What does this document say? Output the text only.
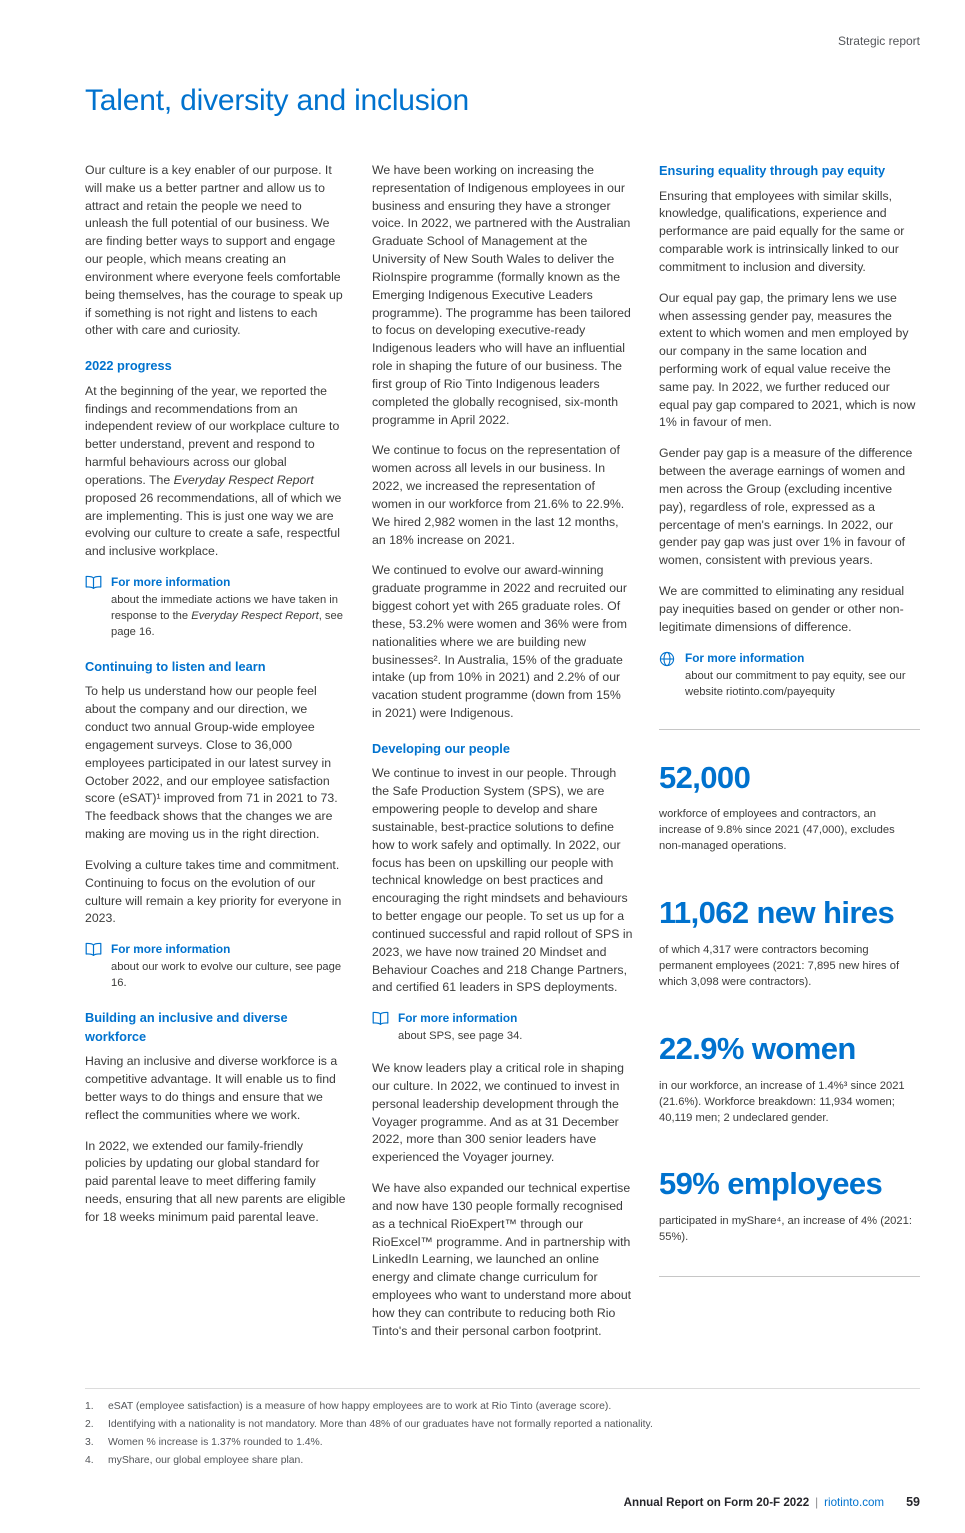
Strategic report
Talent, diversity and inclusion

Our culture is a key enabler of our purpose. It will make us a better partner and allow us to attract and retain the people we need to unleash the full potential of our business. We are finding better ways to support and engage our people, which means creating an environment where everyone feels comfortable being themselves, has the courage to speak up if something is not right and listens to each other with care and curiosity.

2022 progress

At the beginning of the year, we reported the findings and recommendations from an independent review of our workplace culture to better understand, prevent and respond to harmful behaviours across our global operations. The Everyday Respect Report proposed 26 recommendations, all of which we are implementing. This is just one way we are evolving our culture to create a safe, respectful and inclusive workplace.

For more information
about the immediate actions we have taken in response to the Everyday Respect Report, see page 16.
Continuing to listen and learn

To help us understand how our people feel about the company and our direction, we conduct two annual Group-wide employee engagement surveys. Close to 36,000 employees participated in our latest survey in October 2022, and our employee satisfaction score (eSAT)¹ improved from 71 in 2021 to 73. The feedback shows that the changes we are making are moving us in the right direction.

Evolving a culture takes time and commitment. Continuing to focus on the evolution of our culture will remain a key priority for everyone in 2023.

For more information
about our work to evolve our culture, see page 16.
Building an inclusive and diverse workforce

Having an inclusive and diverse workforce is a competitive advantage. It will enable us to find better ways to do things and ensure that we reflect the communities where we work.

In 2022, we extended our family-friendly policies by updating our global standard for paid parental leave to meet differing family needs, ensuring that all new parents are eligible for 18 weeks minimum paid parental leave.

We have been working on increasing the representation of Indigenous employees in our business and ensuring they have a stronger voice. In 2022, we partnered with the Australian Graduate School of Management at the University of New South Wales to deliver the RioInspire programme (formally known as the Emerging Indigenous Executive Leaders programme). The programme has been tailored to focus on developing executive-ready Indigenous leaders who will have an influential role in shaping the future of our business. The first group of Rio Tinto Indigenous leaders completed the globally recognised, six-month programme in April 2022.

We continue to focus on the representation of women across all levels in our business. In 2022, we increased the representation of women in our workforce from 21.6% to 22.9%. We hired 2,982 women in the last 12 months, an 18% increase on 2021.

We continued to evolve our award-winning graduate programme in 2022 and recruited our biggest cohort yet with 265 graduate roles. Of these, 53.2% were women and 36% were from nationalities where we are building new businesses². In Australia, 15% of the graduate intake (up from 10% in 2021) and 2.2% of our vacation student programme (down from 15% in 2021) were Indigenous.

Developing our people

We continue to invest in our people. Through the Safe Production System (SPS), we are empowering people to develop and share sustainable, best-practice solutions to define how to work safely and optimally. In 2022, our focus has been on upskilling our people with technical knowledge on best practices and encouraging the right mindsets and behaviours to better engage our people. To set us up for a continued successful and rapid rollout of SPS in 2023, we have now trained 20 Mindset and Behaviour Coaches and 218 Change Partners, and certified 61 leaders in SPS deployments.

For more information
about SPS, see page 34.

We know leaders play a critical role in shaping our culture. In 2022, we continued to invest in personal leadership development through the Voyager programme. And as at 31 December 2022, more than 300 senior leaders have experienced the Voyager journey.

We have also expanded our technical expertise and now have 130 people formally recognised as a technical RioExpert™ through our RioExcel™ programme. And in partnership with LinkedIn Learning, we launched an online energy and climate change curriculum for employees who want to understand more about how they can contribute to reducing both Rio Tinto's and their personal carbon footprint.

Ensuring equality through pay equity

Ensuring that employees with similar skills, knowledge, qualifications, experience and performance are paid equally for the same or comparable work is intrinsically linked to our commitment to inclusion and diversity.

Our equal pay gap, the primary lens we use when assessing gender pay, measures the extent to which women and men employed by our company in the same location and performing work of equal value receive the same pay. In 2022, we further reduced our equal pay gap compared to 2021, which is now 1% in favour of men.

Gender pay gap is a measure of the difference between the average earnings of women and men across the Group (excluding incentive pay), regardless of role, expressed as a percentage of men's earnings. In 2022, our gender pay gap was just over 1% in favour of women, consistent with previous years.

We are committed to eliminating any residual pay inequities based on gender or other non-legitimate dimensions of difference.

For more information
about our commitment to pay equity, see our website riotinto.com/payequity
52,000
workforce of employees and contractors, an increase of 9.8% since 2021 (47,000), excludes non-managed operations.
11,062 new hires
of which 4,317 were contractors becoming permanent employees (2021: 7,895 new hires of which 3,098 were contractors).
22.9% women
in our workforce, an increase of 1.4%³ since 2021 (21.6%). Workforce breakdown: 11,934 women; 40,119 men; 2 undeclared gender.
59% employees
participated in myShare⁴, an increase of 4% (2021: 55%).
1.	eSAT (employee satisfaction) is a measure of how happy employees are to work at Rio Tinto (average score).
2.	Identifying with a nationality is not mandatory. More than 48% of our graduates have not formally reported a nationality.
3.	Women % increase is 1.37% rounded to 1.4%.
4.	myShare, our global employee share plan.
Annual Report on Form 20-F 2022 | riotinto.com 59
